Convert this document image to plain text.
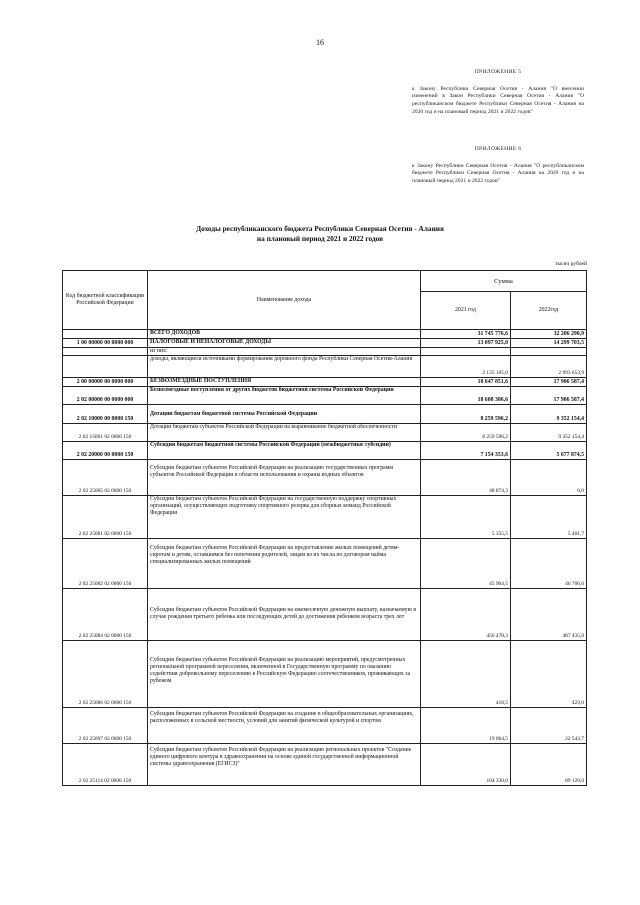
16
ПРИЛОЖЕНИЕ 5
к Закону Республики Северная Осетия - Алания "О внесении изменений в Закон Республики Северная Осетия - Алания "О республиканском бюджете Республики Северная Осетия - Алания на 2020 год и на плановый период 2021 и 2022 годов"
ПРИЛОЖЕНИЕ 6
к Закону Республики Северная Осетия - Алания "О республиканском бюджете Республики Северная Осетия - Алания на 2020 год и на плановый период 2021 и 2022 годов"
Доходы республиканского бюджета Республики Северная Осетия - Алания
на плановый период 2021 и 2022 годов
тысяч рублей
Код бюджетной классификации Российской Федерации	Наименование дохода	Сумма	
		2021 год	2022год
	ВСЕГО ДОХОДОВ	31 745 776,6	32 206 290,9
1 00 00000 00 0000 000	НАЛОГОВЫЕ И НЕНАЛОГОВЫЕ ДОХОДЫ	13 097 925,0	14 299 703,5
	из них:		
	доходы, являющиеся источниками формирования дорожного фонда Республики Северная Осетия-Алания	2 135 105,0	2 993 653,9
2 00 00000 00 0000 000	БЕЗВОЗМЕЗДНЫЕ ПОСТУПЛЕНИЯ	18 647 851,6	17 906 587,4
2 02 00000 00 0000 000	Безвозмездные поступления от других бюджетов бюджетной системы Российской Федерации	18 608 306,6	17 906 587,4
2 02 10000 00 0000 150	Дотации бюджетам бюджетной системы Российской Федерации	8 259 596,2	9 352 154,4
2 02 15001 02 0000 150	Дотации бюджетам субъектов Российской Федерации на выравнивание бюджетной обеспеченности	8 259 596,2	9 352 154,4
2 02 20000 00 0000 150	Субсидии бюджетам бюджетной системы Российской Федерации (межбюджетные субсидии)	7 154 353,6	5 677 874,5
2 02 25065 02 0000 150	Субсидии бюджетам субъектов Российской Федерации на реализацию государственных программ субъектов Российской Федерации в области использования и охраны водных объектов	48 874,3	0,0
2 02 25081 02 0000 150	Субсидии бюджетам субъектов Российской Федерации на государственную поддержку спортивных организаций, осуществляющих подготовку спортивного резерва для сборных команд Российской Федерации	5 355,5	5 401,7
2 02 25082 02 0000 150	Субсидии бюджетам субъектов Российской Федерации на предоставление жилых помещений детям-сиротам и детям, оставшимся без попечения родителей, лицам из их числа по договорам найма специализированных жилых помещений	45 904,5	46 706,6
2 02 25084 02 0000 150	Субсидии бюджетам субъектов Российской Федерации на ежемесячную денежную выплату, назначаемую в случае рождения третьего ребенка или последующих детей до достижения ребенком возраста трех лет	450 478,3	487 435,0
2 02 25086 02 0000 150	Субсидии бюджетам субъектов Российской Федерации на реализацию мероприятий, предусмотренных региональной программой переселения, включенной в Государственную программу по оказанию содействия добровольному переселению в Российскую Федерацию соотечественников, проживающих за рубежом	418,5	423,0
2 02 25097 02 0000 150	Субсидии бюджетам субъектов Российской Федерации на создание в общеобразовательных организациях, расположенных в сельской местности, условий для занятий физической культурой и спортом	19 064,5	22 543,7
2 02 25114 02 0000 150	Субсидии бюджетам субъектов Российской Федерации на реализацию региональных проектов "Создание единого цифрового контура в здравоохранении на основе единой государственной информационной системы здравоохранения (ЕГИСЗ)"	104 330,0	89 129,0
